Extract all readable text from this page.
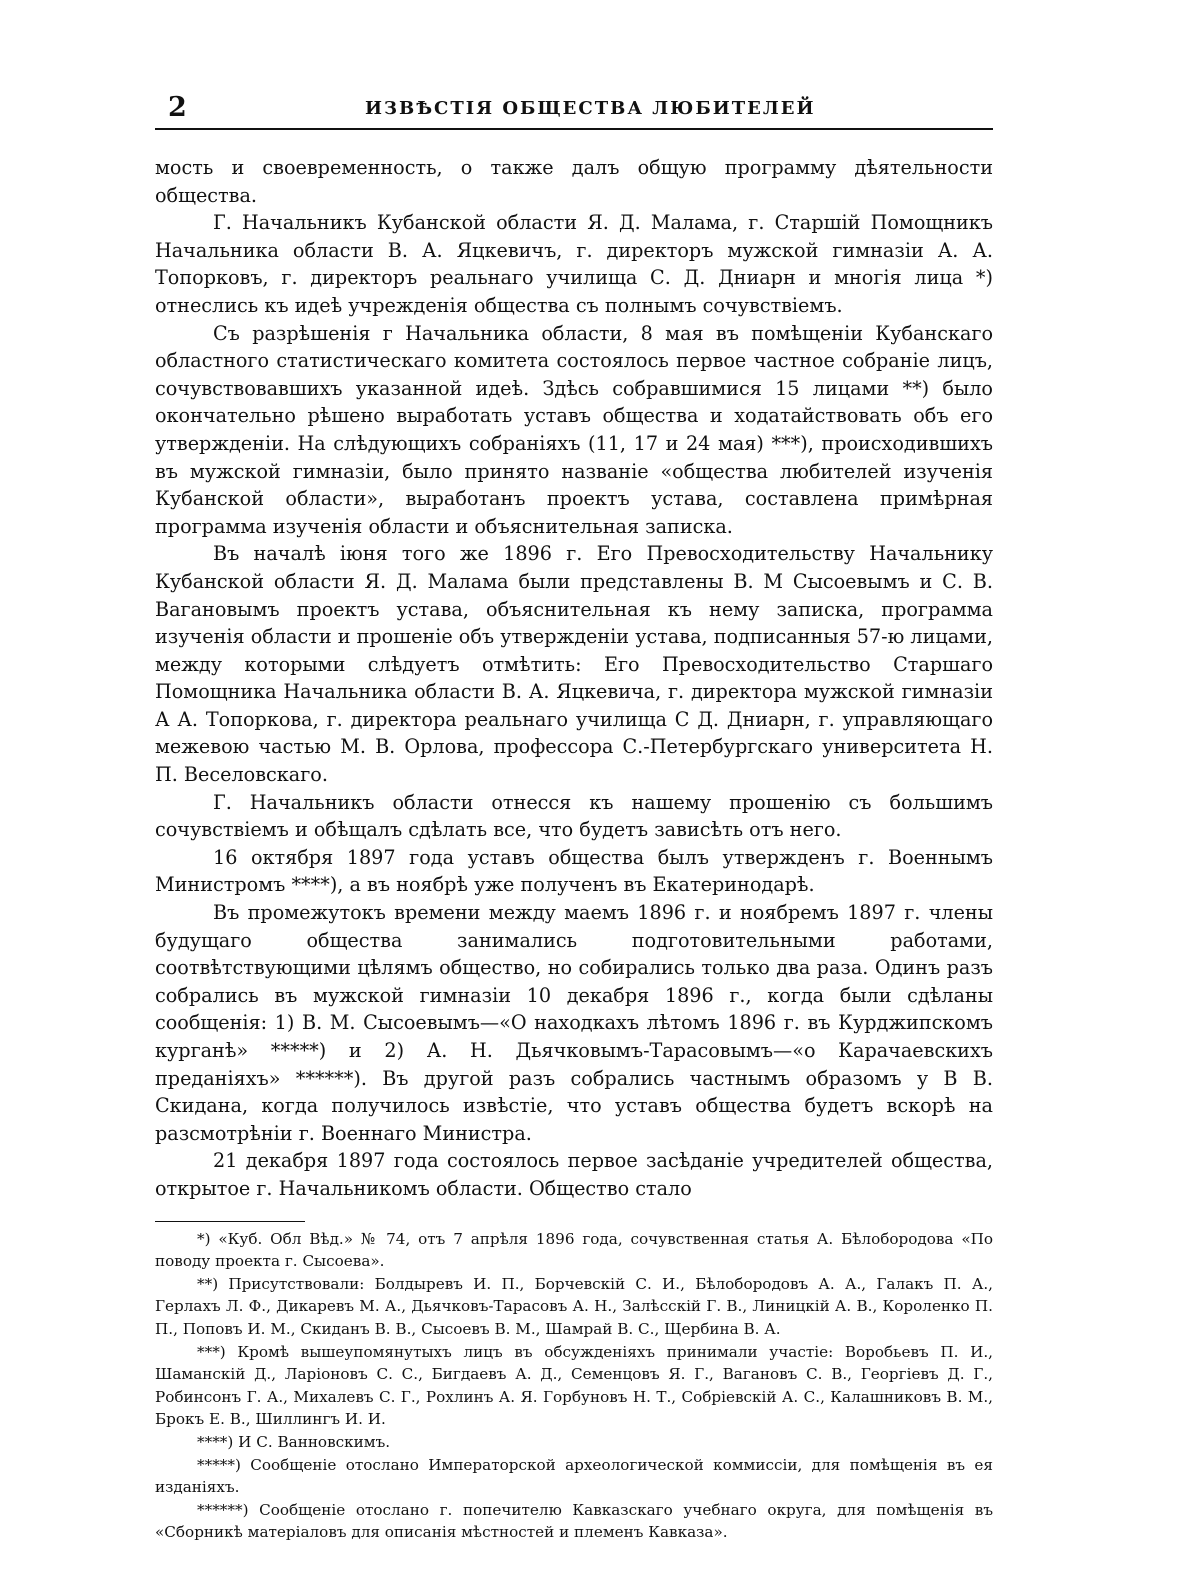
2	ИЗВѢСТІЯ ОБЩЕСТВА ЛЮБИТЕЛЕЙ

мость и своевременность, о также далъ общую программу дѣятельности общества.

Г. Начальникъ Кубанской области Я. Д. Малама, г. Старшій Помощникъ Начальника области В. А. Яцкевичъ, г. директоръ мужской гимназіи А. А. Топорковъ, г. директоръ реальнаго училища С. Д. Дниарн и многія лица *) отнеслись къ идеѣ учрежденія общества съ полнымъ сочувствіемъ.

Съ разрѣшенія г Начальника области, 8 мая въ помѣщеніи Кубанскаго областного статистическаго комитета состоялось первое частное собраніе лицъ, сочувствовавшихъ указанной идеѣ. Здѣсь собравшимися 15 лицами **) было окончательно рѣшено выработать уставъ общества и ходатайствовать объ его утвержденіи. На слѣдующихъ собраніяхъ (11, 17 и 24 мая) ***), происходившихъ въ мужской гимназіи, было принято названіе «общества любителей изученія Кубанской области», выработанъ проектъ устава, составлена примѣрная программа изученія области и объяснительная записка.

Въ началѣ іюня того же 1896 г. Его Превосходительству Начальнику Кубанской области Я. Д. Малама были представлены В. М Сысоевымъ и С. В. Вагановымъ проектъ устава, объяснительная къ нему записка, программа изученія области и прошеніе объ утвержденіи устава, подписанныя 57-ю лицами, между которыми слѣдуетъ отмѣтить: Его Превосходительство Старшаго Помощника Начальника области В. А. Яцкевича, г. директора мужской гимназіи А А. Топоркова, г. директора реальнаго училища С Д. Дниарн, г. управляющаго межевою частью М. В. Орлова, профессора С.-Петербургскаго университета Н. П. Веселовскаго.

Г. Начальникъ области отнесся къ нашему прошенію съ большимъ сочувствіемъ и обѣщалъ сдѣлать все, что будетъ зависѣть отъ него.

16 октября 1897 года уставъ общества былъ утвержденъ г. Военнымъ Министромъ ****), а въ ноябрѣ уже полученъ въ Екатеринодарѣ.

Въ промежутокъ времени между маемъ 1896 г. и ноябремъ 1897 г. члены будущаго общества занимались подготовительными работами, соотвѣтствующими цѣлямъ общество, но собирались только два раза. Одинъ разъ собрались въ мужской гимназіи 10 декабря 1896 г., когда были сдѣланы сообщенія: 1) В. М. Сысоевымъ—«О находкахъ лѣтомъ 1896 г. въ Курджипскомъ курганѣ» *****) и 2) А. Н. Дьячковымъ-Тарасовымъ—«о Карачаевскихъ преданіяхъ» ******). Въ другой разъ собрались частнымъ образомъ у В В. Скидана, когда получилось извѣстіе, что уставъ общества будетъ вскорѣ на разсмотрѣніи г. Военнаго Министра.

21 декабря 1897 года состоялось первое засѣданіе учредителей общества, открытое г. Начальникомъ области. Общество стало

*) «Куб. Обл Вѣд.» № 74, отъ 7 апрѣля 1896 года, сочувственная статья А. Бѣлобородова «По поводу проекта г. Сысоева».

**) Присутствовали: Болдыревъ И. П., Борчевскій С. И., Бѣлобородовъ А. А., Галакъ П. А., Герлахъ Л. Ф., Дикаревъ М. А., Дьячковъ-Тарасовъ А. Н., Залѣсскій Г. В., Линицкій А. В., Короленко П. П., Поповъ И. М., Скиданъ В. В., Сысоевъ В. М., Шамрай В. С., Щербина В. А.

***) Кромѣ вышеупомянутыхъ лицъ въ обсужденіяхъ принимали участіе: Воробьевъ П. И., Шаманскій Д., Ларіоновъ С. С., Бигдаевъ А. Д., Семенцовъ Я. Г., Вагановъ С. В., Георгіевъ Д. Г., Робинсонъ Г. А., Михалевъ С. Г., Рохлинъ А. Я. Горбуновъ Н. Т., Собріевскій А. С., Калашниковъ В. М., Брокъ Е. В., Шиллингъ И. И.

****) И С. Ванновскимъ.

*****) Сообщеніе отослано Императорской археологической коммиссіи, для помѣщенія въ ея изданіяхъ.

******) Сообщеніе отослано г. попечителю Кавказскаго учебнаго округа, для помѣщенія въ «Сборникѣ матеріаловъ для описанія мѣстностей и племенъ Кавказа».
